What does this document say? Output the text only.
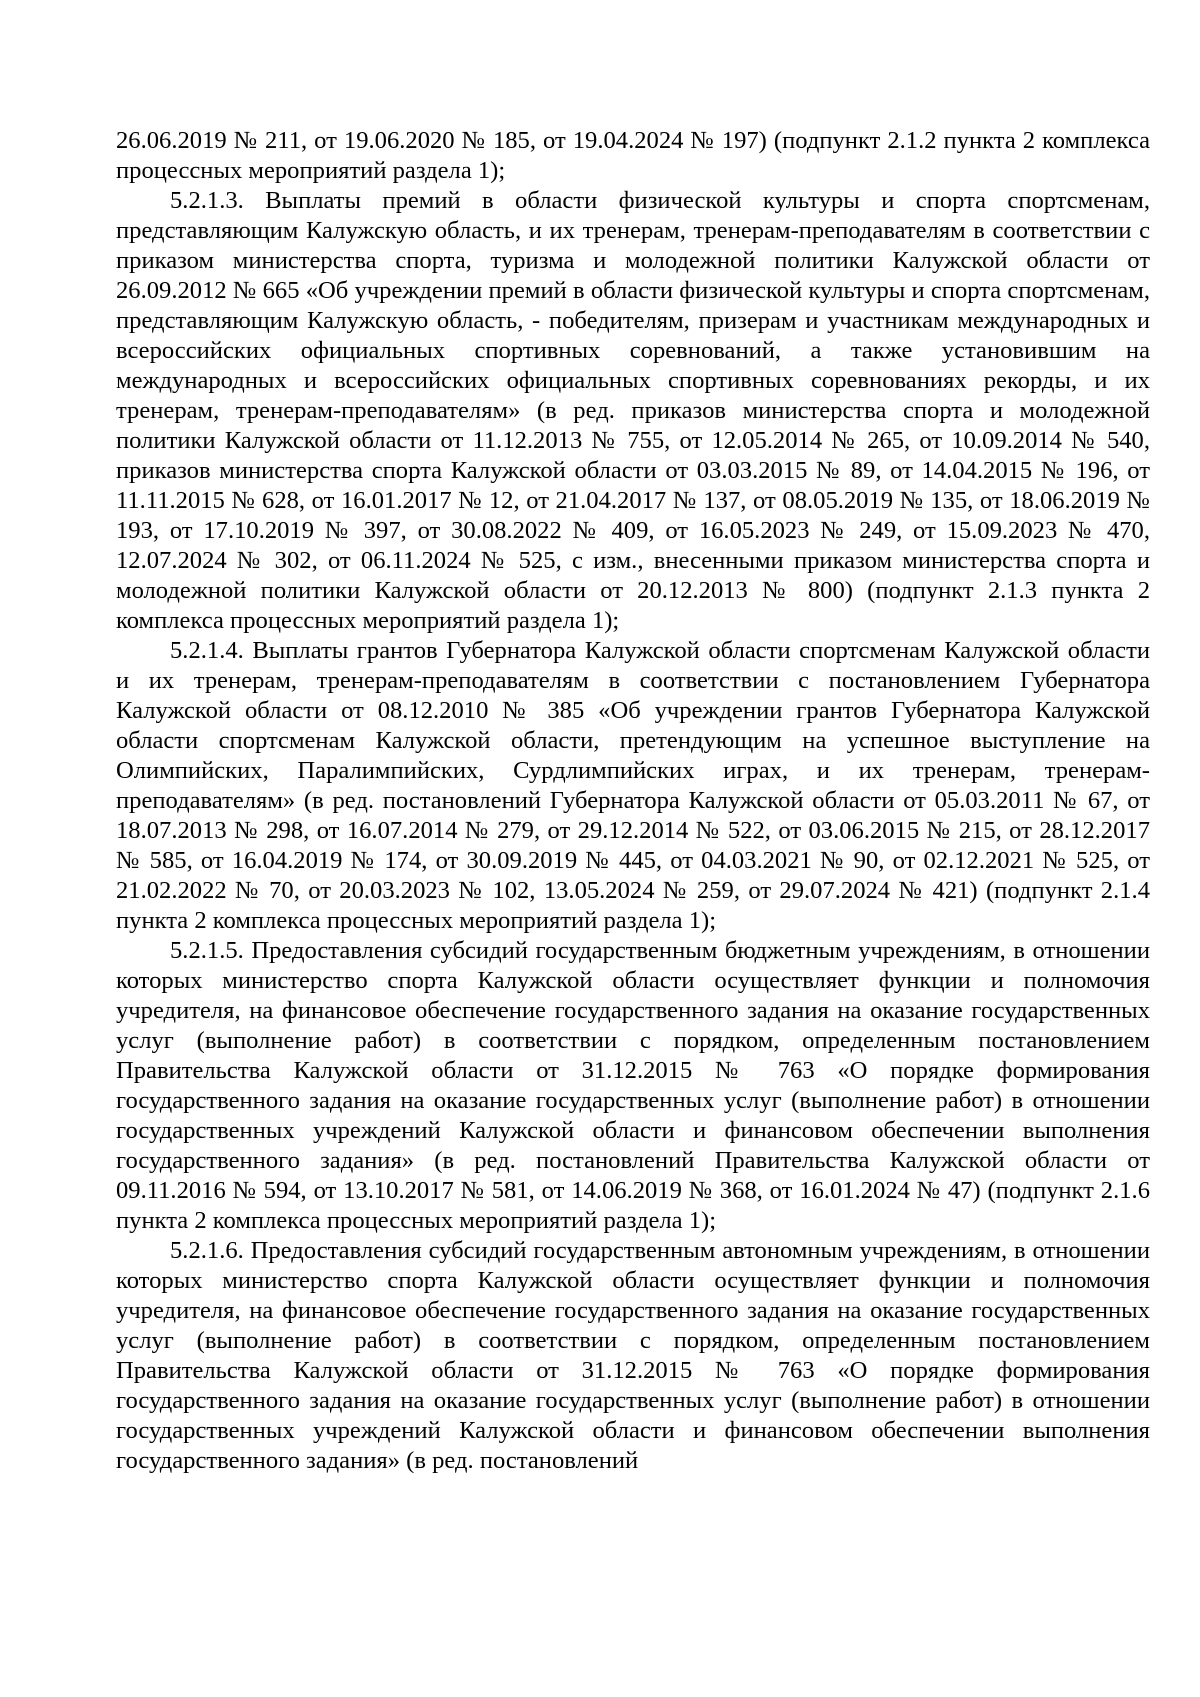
26.06.2019 № 211, от 19.06.2020 № 185, от 19.04.2024 № 197) (подпункт 2.1.2 пункта 2 комплекса процессных мероприятий раздела 1);

5.2.1.3. Выплаты премий в области физической культуры и спорта спортсменам, представляющим Калужскую область, и их тренерам, тренерам-преподавателям в соответствии с приказом министерства спорта, туризма и молодежной политики Калужской области от 26.09.2012 № 665 «Об учреждении премий в области физической культуры и спорта спортсменам, представляющим Калужскую область, - победителям, призерам и участникам международных и всероссийских официальных спортивных соревнований, а также установившим на международных и всероссийских официальных спортивных соревнованиях рекорды, и их тренерам, тренерам-преподавателям» (в ред. приказов министерства спорта и молодежной политики Калужской области от 11.12.2013 № 755, от 12.05.2014 № 265, от 10.09.2014 № 540, приказов министерства спорта Калужской области от 03.03.2015 № 89, от 14.04.2015 № 196, от 11.11.2015 № 628, от 16.01.2017 № 12, от 21.04.2017 № 137, от 08.05.2019 № 135, от 18.06.2019 № 193, от 17.10.2019 № 397, от 30.08.2022 № 409, от 16.05.2023 № 249, от 15.09.2023 № 470, 12.07.2024 № 302, от 06.11.2024 № 525, с изм., внесенными приказом министерства спорта и молодежной политики Калужской области от 20.12.2013 № 800) (подпункт 2.1.3 пункта 2 комплекса процессных мероприятий раздела 1);

5.2.1.4. Выплаты грантов Губернатора Калужской области спортсменам Калужской области и их тренерам, тренерам-преподавателям в соответствии с постановлением Губернатора Калужской области от 08.12.2010 № 385 «Об учреждении грантов Губернатора Калужской области спортсменам Калужской области, претендующим на успешное выступление на Олимпийских, Паралимпийских, Сурдлимпийских играх, и их тренерам, тренерам-преподавателям» (в ред. постановлений Губернатора Калужской области от 05.03.2011 № 67, от 18.07.2013 № 298, от 16.07.2014 № 279, от 29.12.2014 № 522, от 03.06.2015 № 215, от 28.12.2017 № 585, от 16.04.2019 № 174, от 30.09.2019 № 445, от 04.03.2021 № 90, от 02.12.2021 № 525, от 21.02.2022 № 70, от 20.03.2023 № 102, 13.05.2024 № 259, от 29.07.2024 № 421) (подпункт 2.1.4 пункта 2 комплекса процессных мероприятий раздела 1);

5.2.1.5. Предоставления субсидий государственным бюджетным учреждениям, в отношении которых министерство спорта Калужской области осуществляет функции и полномочия учредителя, на финансовое обеспечение государственного задания на оказание государственных услуг (выполнение работ) в соответствии с порядком, определенным постановлением Правительства Калужской области от 31.12.2015 № 763 «О порядке формирования государственного задания на оказание государственных услуг (выполнение работ) в отношении государственных учреждений Калужской области и финансовом обеспечении выполнения государственного задания» (в ред. постановлений Правительства Калужской области от 09.11.2016 № 594, от 13.10.2017 № 581, от 14.06.2019 № 368, от 16.01.2024 № 47) (подпункт 2.1.6 пункта 2 комплекса процессных мероприятий раздела 1);

5.2.1.6. Предоставления субсидий государственным автономным учреждениям, в отношении которых министерство спорта Калужской области осуществляет функции и полномочия учредителя, на финансовое обеспечение государственного задания на оказание государственных услуг (выполнение работ) в соответствии с порядком, определенным постановлением Правительства Калужской области от 31.12.2015 № 763 «О порядке формирования государственного задания на оказание государственных услуг (выполнение работ) в отношении государственных учреждений Калужской области и финансовом обеспечении выполнения государственного задания» (в ред. постановлений
